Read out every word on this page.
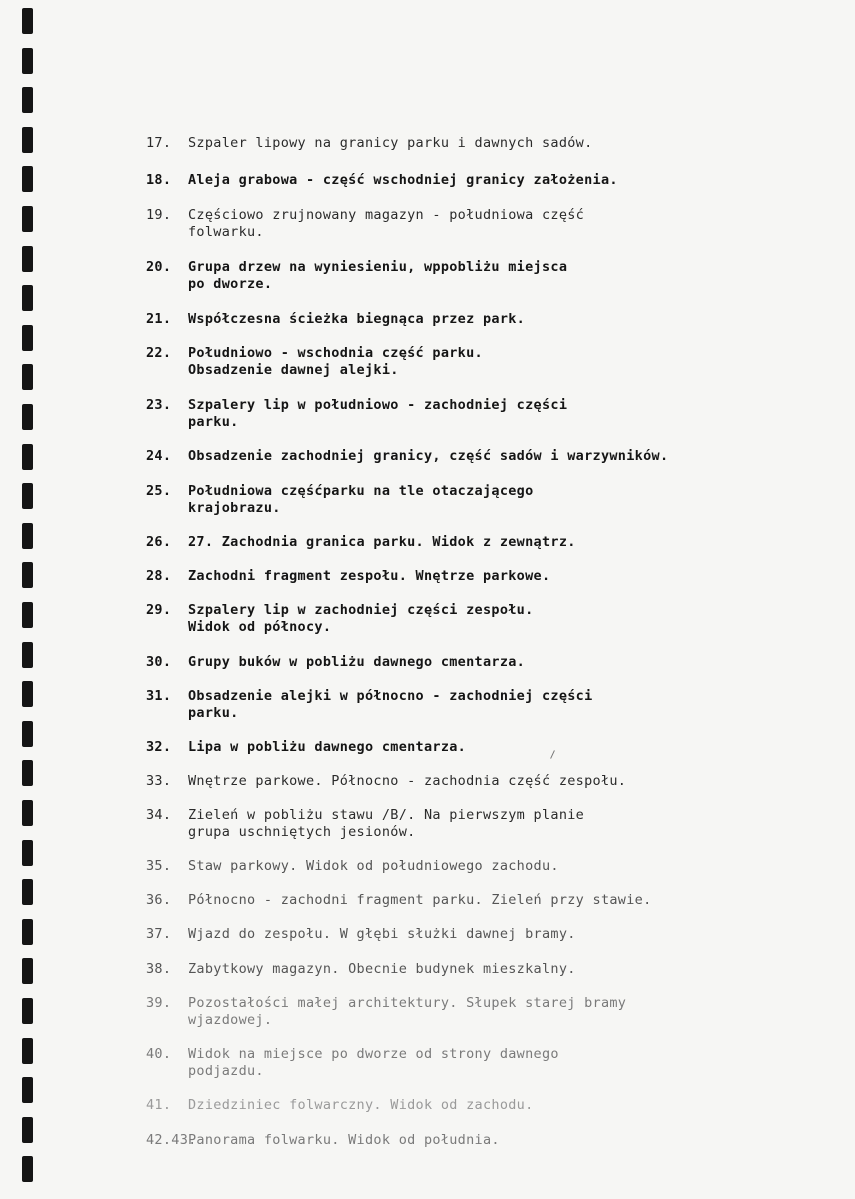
17. Szpaler lipowy na granicy parku i dawnych sadów.
18. Aleja grabowa - część wschodniej granicy założenia.
19. Częściowo zrujnowany magazyn - południowa część
folwarku.
20. Grupa drzew na wyniesieniu, wppobliżu miejsca
po dworze.
21. Współczesna ścieżka biegnąca przez park.
22. Południowo - wschodnia część parku.
Obsadzenie dawnej alejki.
23. Szpalery lip w południowo - zachodniej części
parku.
24. Obsadzenie zachodniej granicy, część sadów i warzywników.
25. Południowa częśćparku na tle otaczającego
krajobrazu.
26. 27. Zachodnia granica parku. Widok z zewnątrz.
28. Zachodni fragment zespołu. Wnętrze parkowe.
29. Szpalery lip w zachodniej części zespołu.
Widok od północy.
30. Grupy buków w pobliżu dawnego cmentarza.
31. Obsadzenie alejki w północno - zachodniej części
parku.
32. Lipa w pobliżu dawnego cmentarza.
33. Wnętrze parkowe. Północno - zachodnia część zespołu.
34. Zieleń w pobliżu stawu /B/. Na pierwszym planie
grupa uschniętych jesionów.
35. Staw parkowy. Widok od południowego zachodu.
36. Północno - zachodni fragment parku. Zieleń przy stawie.
37. Wjazd do zespołu. W głębi służki dawnej bramy.
38. Zabytkowy magazyn. Obecnie budynek mieszkalny.
39. Pozostałości małej architektury. Słupek starej bramy
wjazdowej.
40. Widok na miejsce po dworze od strony dawnego
podjazdu.
41. Dziedziniec folwarczny. Widok od zachodu.
42.43.Panorama folwarku. Widok od południa.
